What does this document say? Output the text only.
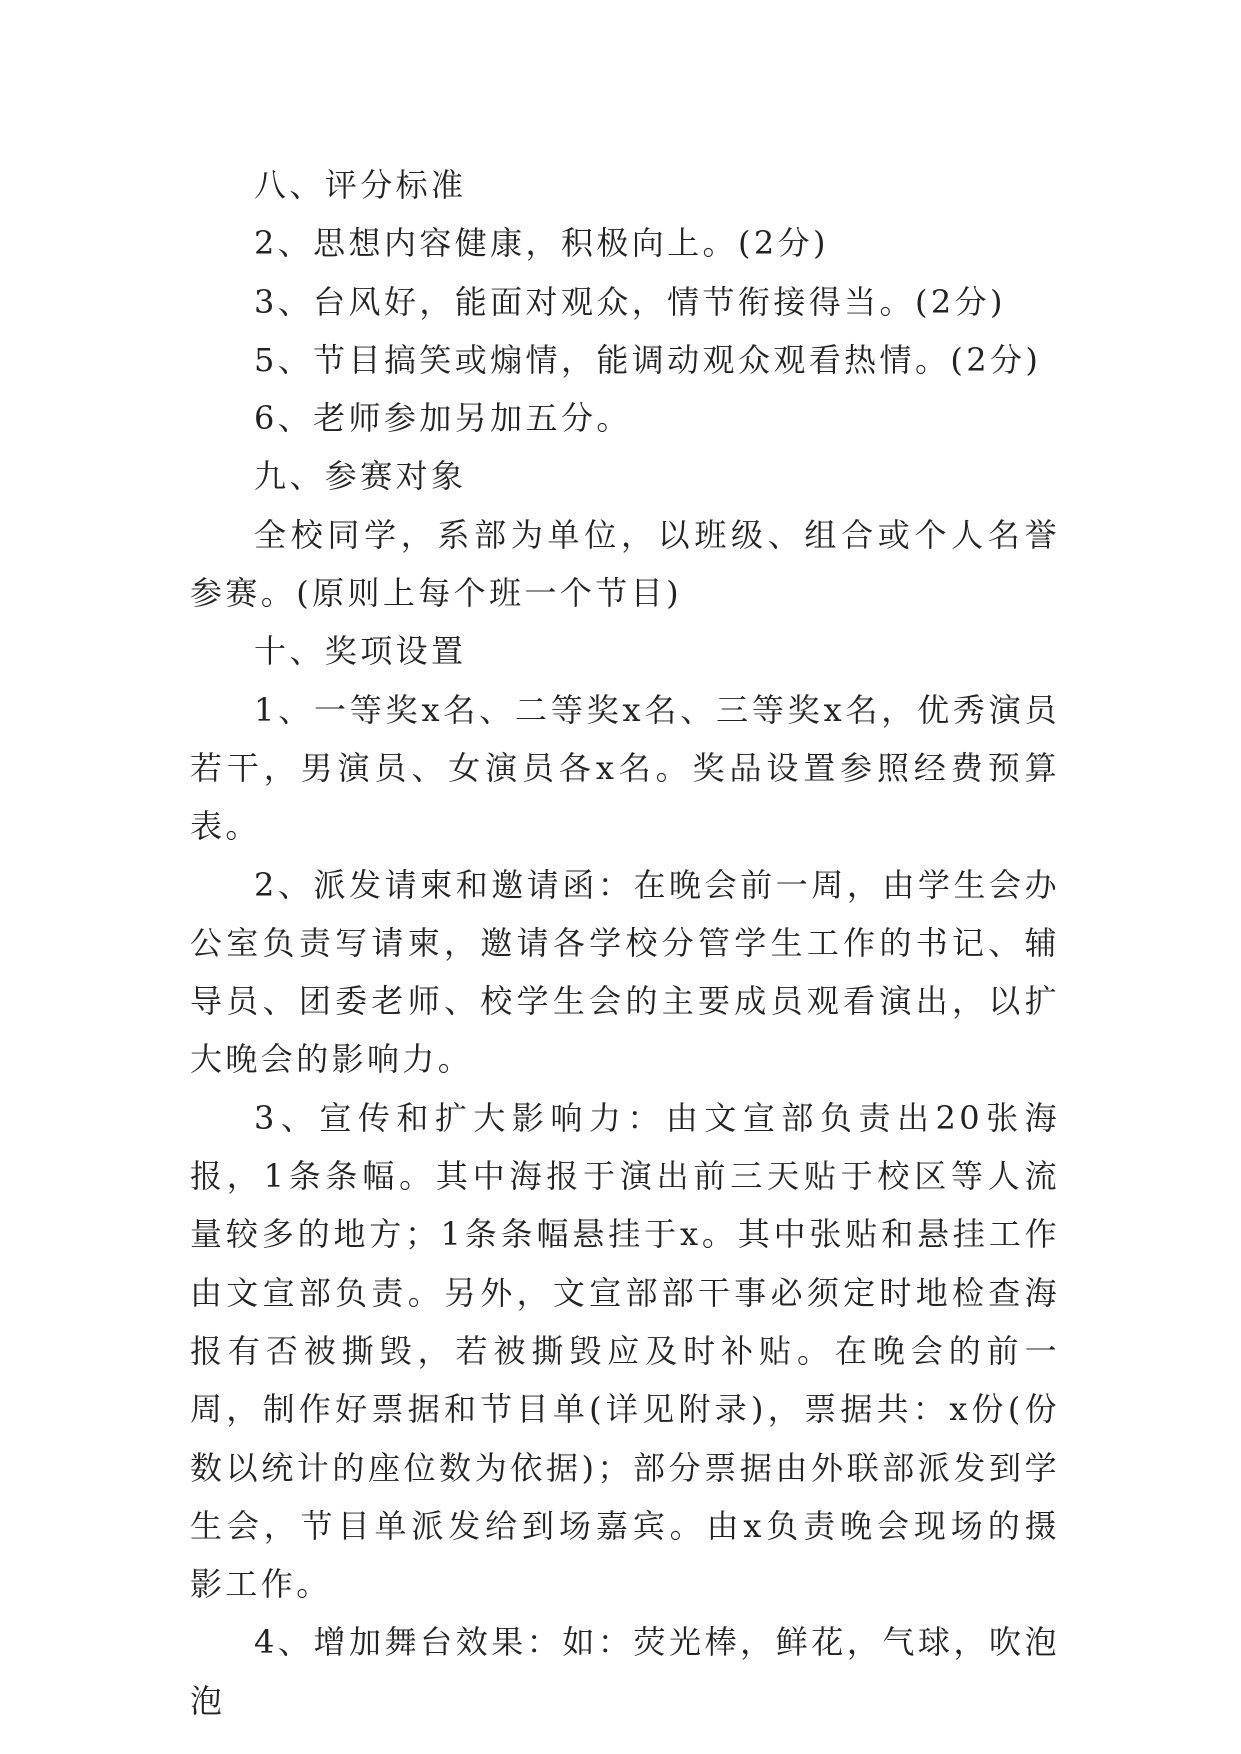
八、评分标准

2、思想内容健康，积极向上。(2分)

3、台风好，能面对观众，情节衔接得当。(2分)

5、节目搞笑或煽情，能调动观众观看热情。(2分)

6、老师参加另加五分。

九、参赛对象

全校同学，系部为单位，以班级、组合或个人名誉参赛。(原则上每个班一个节目)

十、奖项设置

1、一等奖x名、二等奖x名、三等奖x名，优秀演员若干，男演员、女演员各x名。奖品设置参照经费预算表。

2、派发请柬和邀请函：在晚会前一周，由学生会办公室负责写请柬，邀请各学校分管学生工作的书记、辅导员、团委老师、校学生会的主要成员观看演出，以扩大晚会的影响力。

3、宣传和扩大影响力：由文宣部负责出20张海报，1条条幅。其中海报于演出前三天贴于校区等人流量较多的地方；1条条幅悬挂于x。其中张贴和悬挂工作由文宣部负责。另外，文宣部部干事必须定时地检查海报有否被撕毁，若被撕毁应及时补贴。在晚会的前一周，制作好票据和节目单(详见附录)，票据共：x份(份数以统计的座位数为依据)；部分票据由外联部派发到学生会，节目单派发给到场嘉宾。由x负责晚会现场的摄影工作。

4、增加舞台效果：如：荧光棒，鲜花，气球，吹泡泡
